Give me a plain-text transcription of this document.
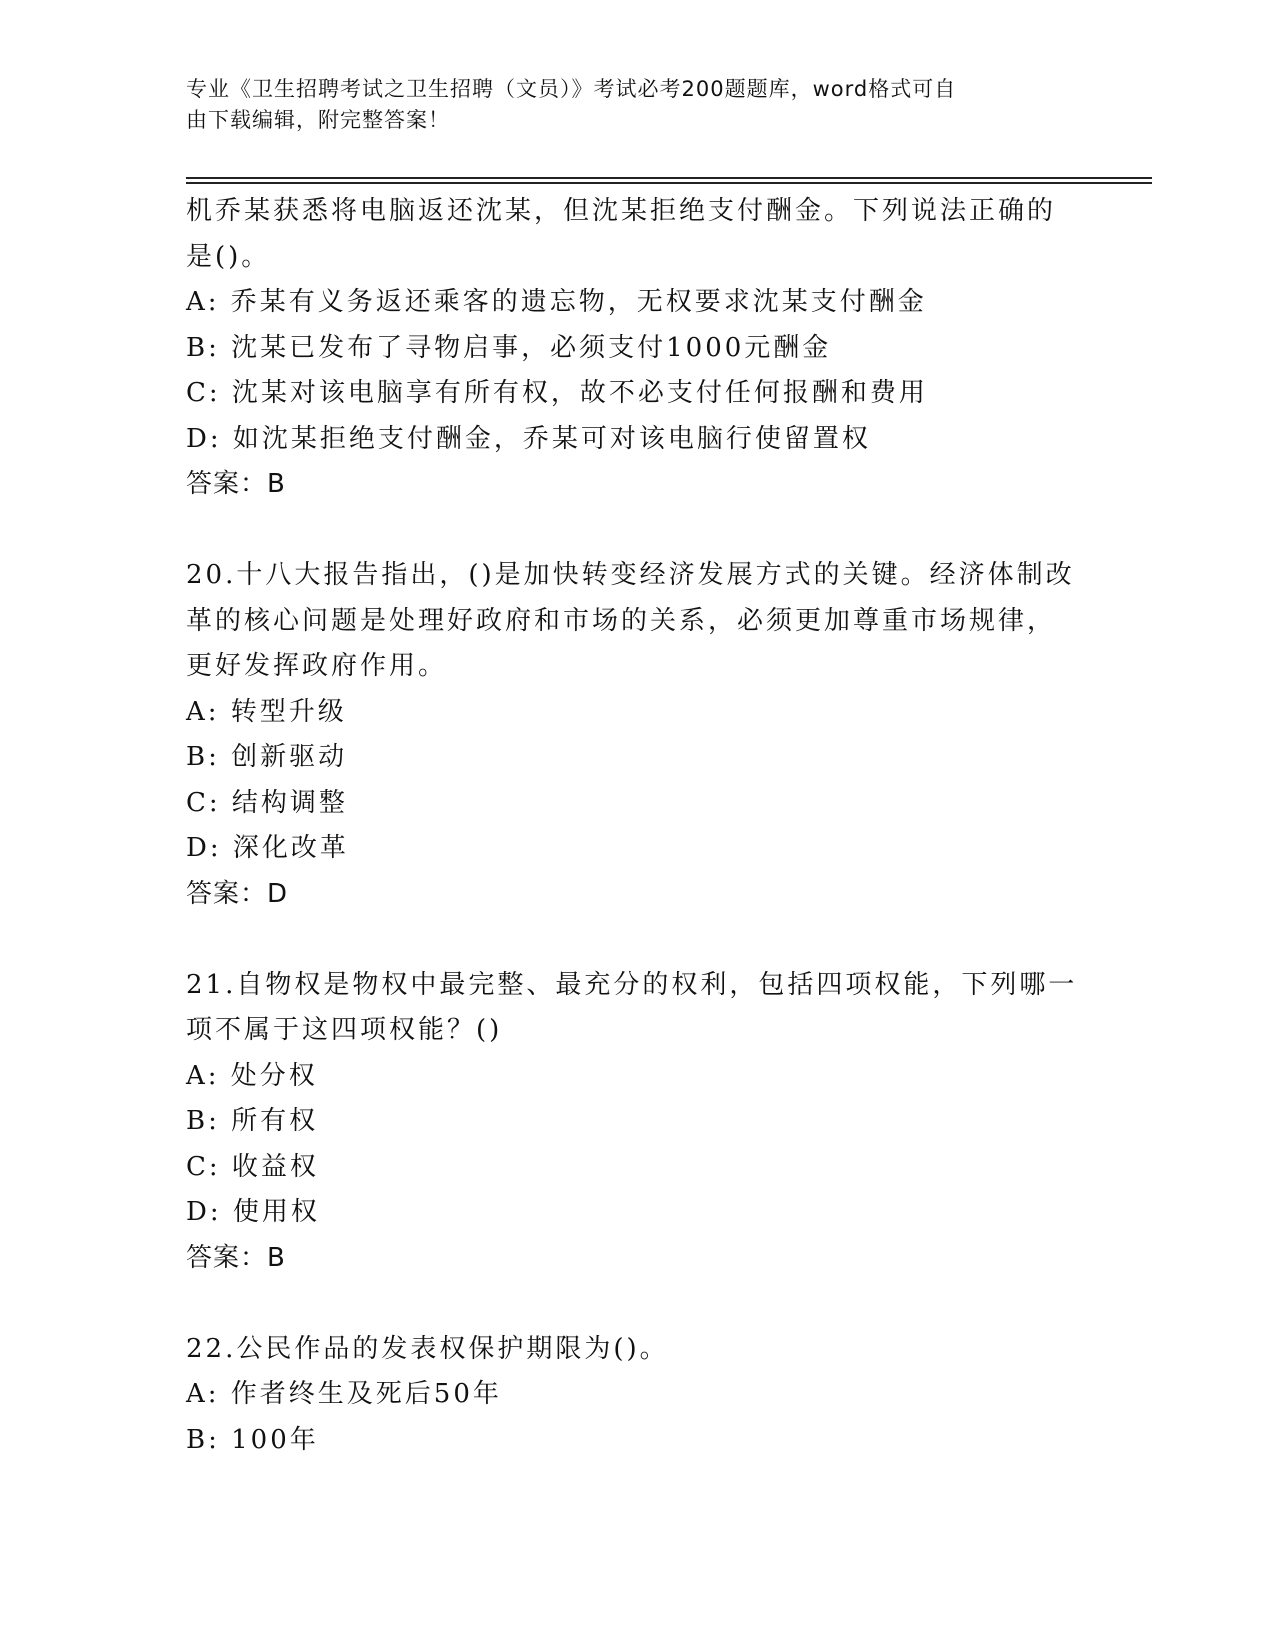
专业《卫生招聘考试之卫生招聘（文员）》考试必考200题题库，word格式可自
由下载编辑，附完整答案！
机乔某获悉将电脑返还沈某，但沈某拒绝支付酬金。下列说法正确的
是()。
A: 乔某有义务返还乘客的遗忘物，无权要求沈某支付酬金
B: 沈某已发布了寻物启事，必须支付1000元酬金
C: 沈某对该电脑享有所有权，故不必支付任何报酬和费用
D: 如沈某拒绝支付酬金，乔某可对该电脑行使留置权
答案：B
20.十八大报告指出，()是加快转变经济发展方式的关键。经济体制改
革的核心问题是处理好政府和市场的关系，必须更加尊重市场规律，
更好发挥政府作用。
A: 转型升级
B: 创新驱动
C: 结构调整
D: 深化改革
答案：D
21.自物权是物权中最完整、最充分的权利，包括四项权能，下列哪一
项不属于这四项权能？()
A: 处分权
B: 所有权
C: 收益权
D: 使用权
答案：B
22.公民作品的发表权保护期限为()。
A: 作者终生及死后50年
B: 100年
